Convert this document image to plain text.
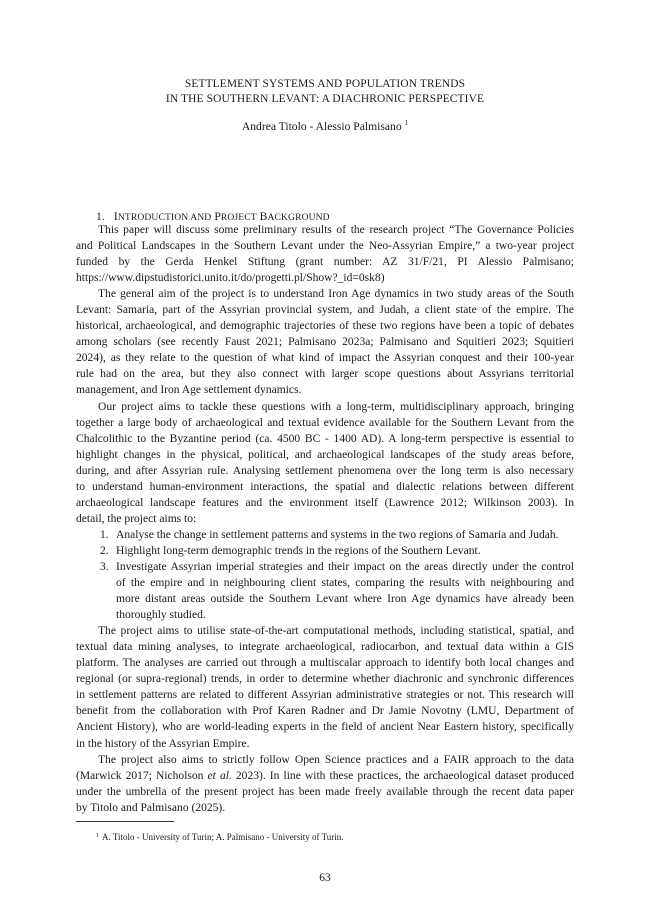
SETTLEMENT SYSTEMS AND POPULATION TRENDS
IN THE SOUTHERN LEVANT: A DIACHRONIC PERSPECTIVE
Andrea Titolo - Alessio Palmisano $^1$
1. INTRODUCTION AND PROJECT BACKGROUND
This paper will discuss some preliminary results of the research project “The Governance Policies
and Political Landscapes in the Southern Levant under the Neo-Assyrian Empire,” a two-year project
funded by the Gerda Henkel Stiftung (grant number: AZ 31/F/21, PI Alessio Palmisano;
https://www.dipstudistorici.unito.it/do/progetti.pl/Show?_id=0sk8)
The general aim of the project is to understand Iron Age dynamics in two study areas of the South
Levant: Samaria, part of the Assyrian provincial system, and Judah, a client state of the empire. The
historical, archaeological, and demographic trajectories of these two regions have been a topic of debates
among scholars (see recently Faust 2021; Palmisano 2023a; Palmisano and Squitieri 2023; Squitieri
2024), as they relate to the question of what kind of impact the Assyrian conquest and their 100-year
rule had on the area, but they also connect with larger scope questions about Assyrians territorial
management, and Iron Age settlement dynamics.
Our project aims to tackle these questions with a long-term, multidisciplinary approach, bringing
together a large body of archaeological and textual evidence available for the Southern Levant from the
Chalcolithic to the Byzantine period (ca. 4500 BC - 1400 AD). A long-term perspective is essential to
highlight changes in the physical, political, and archaeological landscapes of the study areas before,
during, and after Assyrian rule. Analysing settlement phenomena over the long term is also necessary
to understand human-environment interactions, the spatial and dialectic relations between different
archaeological landscape features and the environment itself (Lawrence 2012; Wilkinson 2003). In
detail, the project aims to:
1. Analyse the change in settlement patterns and systems in the two regions of Samaria and Judah.
2. Highlight long-term demographic trends in the regions of the Southern Levant.
3. Investigate Assyrian imperial strategies and their impact on the areas directly under the control
of the empire and in neighbouring client states, comparing the results with neighbouring and
more distant areas outside the Southern Levant where Iron Age dynamics have already been
thoroughly studied.
The project aims to utilise state-of-the-art computational methods, including statistical, spatial, and
textual data mining analyses, to integrate archaeological, radiocarbon, and textual data within a GIS
platform. The analyses are carried out through a multiscalar approach to identify both local changes and
regional (or supra-regional) trends, in order to determine whether diachronic and synchronic differences
in settlement patterns are related to different Assyrian administrative strategies or not. This research will
benefit from the collaboration with Prof Karen Radner and Dr Jamie Novotny (LMU, Department of
Ancient History), who are world-leading experts in the field of ancient Near Eastern history, specifically
in the history of the Assyrian Empire.
The project also aims to strictly follow Open Science practices and a FAIR approach to the data
(Marwick 2017; Nicholson et al. 2023). In line with these practices, the archaeological dataset produced
under the umbrella of the present project has been made freely available through the recent data paper
by Titolo and Palmisano (2025).
$^1$ A. Titolo - University of Turin; A. Palmisano - University of Turin.
63
